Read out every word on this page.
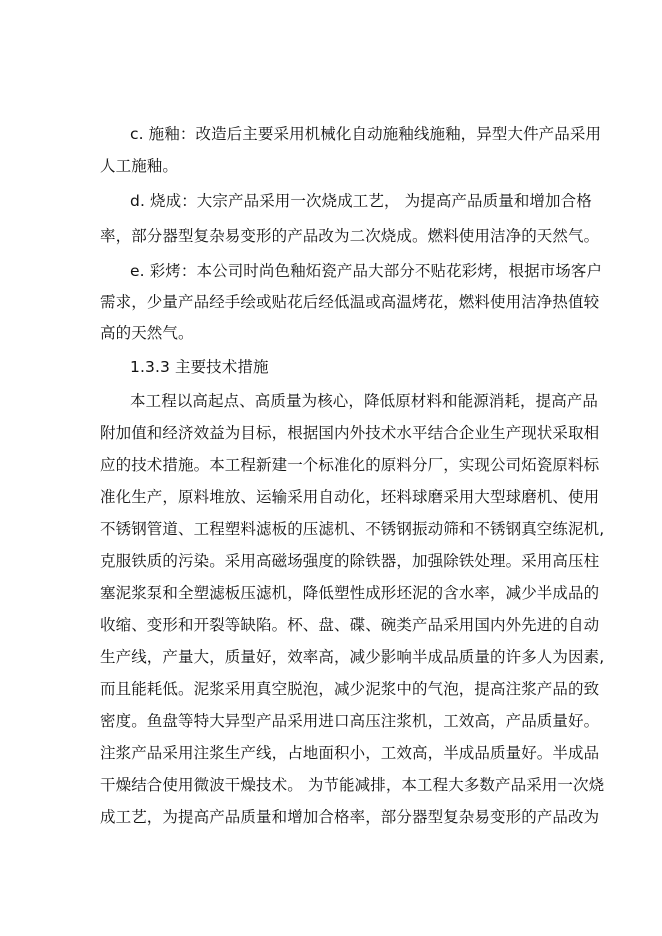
c. 施釉：改造后主要采用机械化自动施釉线施釉，异型大件产品采用
人工施釉。
d. 烧成：大宗产品采用一次烧成工艺， 为提高产品质量和增加合格
率，部分器型复杂易变形的产品改为二次烧成。燃料使用洁净的天然气。
e. 彩烤：本公司时尚色釉炻瓷产品大部分不贴花彩烤，根据市场客户
需求，少量产品经手绘或贴花后经低温或高温烤花，燃料使用洁净热值较
高的天然气。
1.3.3 主要技术措施
本工程以高起点、高质量为核心，降低原材料和能源消耗，提高产品
附加值和经济效益为目标，根据国内外技术水平结合企业生产现状采取相
应的技术措施。本工程新建一个标准化的原料分厂，实现公司炻瓷原料标
准化生产，原料堆放、运输采用自动化，坯料球磨采用大型球磨机、使用
不锈钢管道、工程塑料滤板的压滤机、不锈钢振动筛和不锈钢真空练泥机,
克服铁质的污染。采用高磁场强度的除铁器，加强除铁处理。采用高压柱
塞泥浆泵和全塑滤板压滤机，降低塑性成形坯泥的含水率，减少半成品的
收缩、变形和开裂等缺陷。杯、盘、碟、碗类产品采用国内外先进的自动
生产线，产量大，质量好，效率高，减少影响半成品质量的许多人为因素,
而且能耗低。泥浆采用真空脱泡，减少泥浆中的气泡，提高注浆产品的致
密度。鱼盘等特大异型产品采用进口高压注浆机，工效高，产品质量好。
注浆产品采用注浆生产线，占地面积小，工效高，半成品质量好。半成品
干燥结合使用微波干燥技术。 为节能减排，本工程大多数产品采用一次烧
成工艺，为提高产品质量和增加合格率，部分器型复杂易变形的产品改为
